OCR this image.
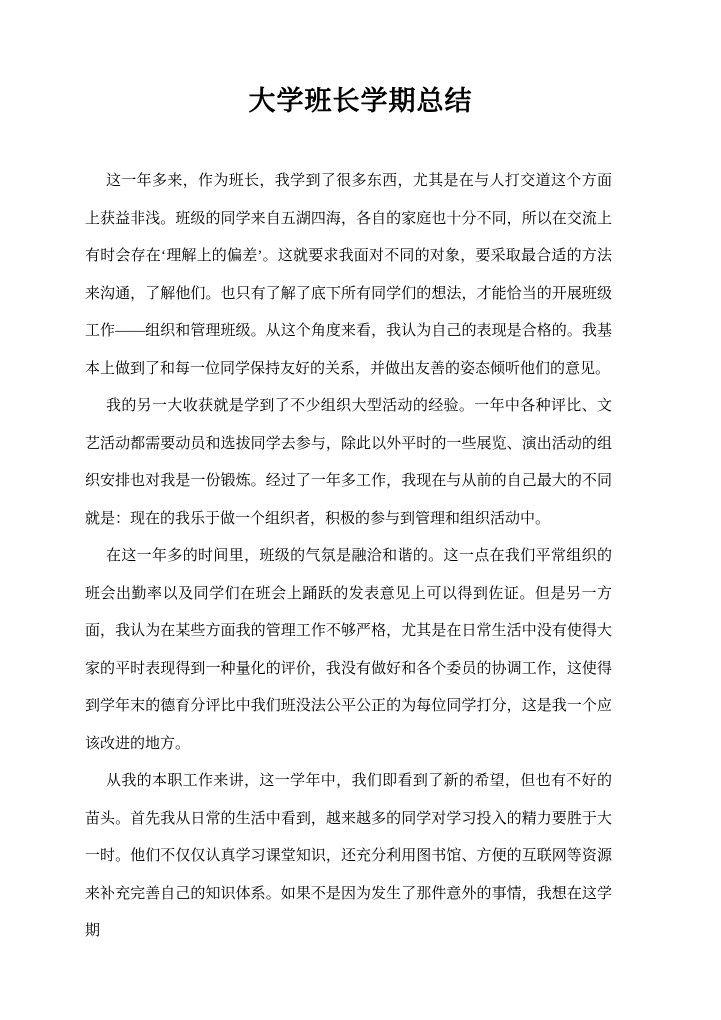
大学班长学期总结

这一年多来，作为班长，我学到了很多东西，尤其是在与人打交道这个方面上获益非浅。班级的同学来自五湖四海，各自的家庭也十分不同，所以在交流上有时会存在‘理解上的偏差’。这就要求我面对不同的对象，要采取最合适的方法来沟通，了解他们。也只有了解了底下所有同学们的想法，才能恰当的开展班级工作——组织和管理班级。从这个角度来看，我认为自己的表现是合格的。我基本上做到了和每一位同学保持友好的关系，并做出友善的姿态倾听他们的意见。

我的另一大收获就是学到了不少组织大型活动的经验。一年中各种评比、文艺活动都需要动员和选拔同学去参与，除此以外平时的一些展览、演出活动的组织安排也对我是一份锻炼。经过了一年多工作，我现在与从前的自己最大的不同就是：现在的我乐于做一个组织者，积极的参与到管理和组织活动中。

在这一年多的时间里，班级的气氛是融洽和谐的。这一点在我们平常组织的班会出勤率以及同学们在班会上踊跃的发表意见上可以得到佐证。但是另一方面，我认为在某些方面我的管理工作不够严格，尤其是在日常生活中没有使得大家的平时表现得到一种量化的评价，我没有做好和各个委员的协调工作，这使得到学年末的德育分评比中我们班没法公平公正的为每位同学打分，这是我一个应该改进的地方。

从我的本职工作来讲，这一学年中，我们即看到了新的希望，但也有不好的苗头。首先我从日常的生活中看到，越来越多的同学对学习投入的精力要胜于大一时。他们不仅仅认真学习课堂知识，还充分利用图书馆、方便的互联网等资源来补充完善自己的知识体系。如果不是因为发生了那件意外的事情，我想在这学期
